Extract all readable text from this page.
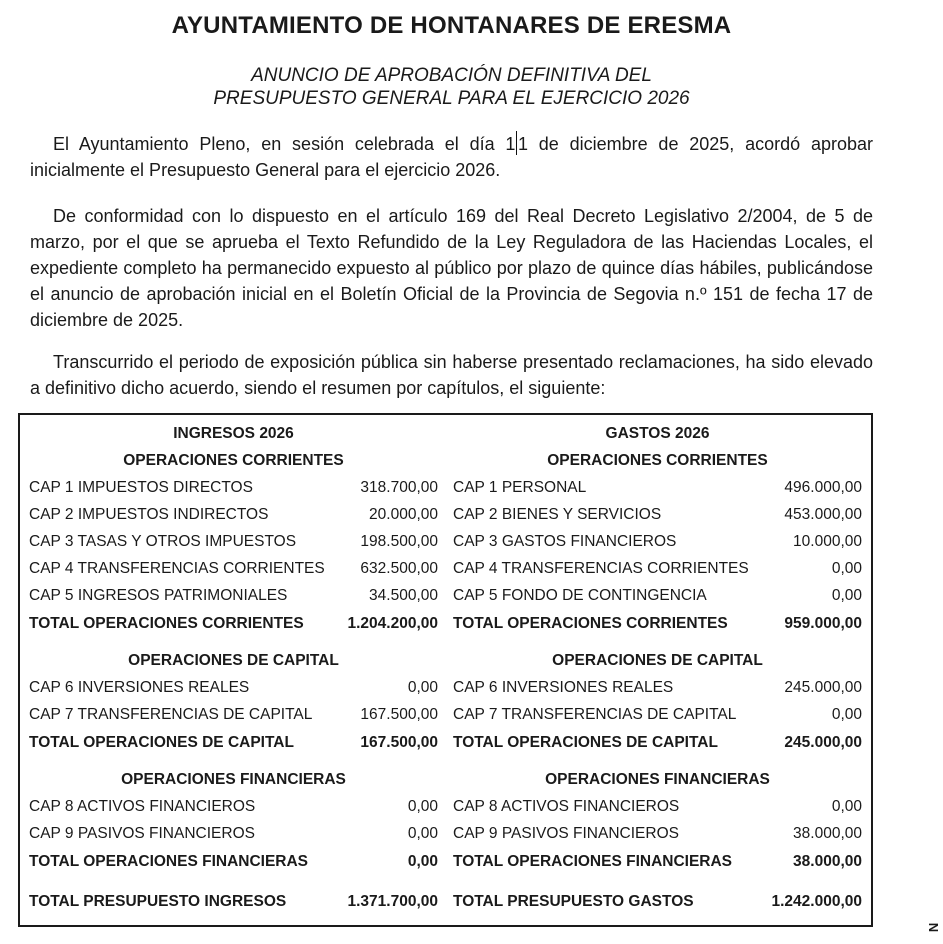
AYUNTAMIENTO DE HONTANARES DE ERESMA
ANUNCIO DE APROBACIÓN DEFINITIVA DEL
PRESUPUESTO GENERAL PARA EL EJERCICIO 2026

El Ayuntamiento Pleno, en sesión celebrada el día 1 1 de diciembre de 2025, acordó aprobar inicialmente el Presupuesto General para el ejercicio 2026.

De conformidad con lo dispuesto en el artículo 169 del Real Decreto Legislativo 2/2004, de 5 de marzo, por el que se aprueba el Texto Refundido de la Ley Reguladora de las Haciendas Locales, el expediente completo ha permanecido expuesto al público por plazo de quince días hábiles, publicándose el anuncio de aprobación inicial en el Boletín Oficial de la Provincia de Segovia n.º 151 de fecha 17 de diciembre de 2025.

Transcurrido el periodo de exposición pública sin haberse presentado reclamaciones, ha sido elevado a definitivo dicho acuerdo, siendo el resumen por capítulos, el siguiente:

INGRESOS 2026
OPERACIONES CORRIENTES
CAP 1 IMPUESTOS DIRECTOS	318.700,00
CAP 2 IMPUESTOS INDIRECTOS	20.000,00
CAP 3 TASAS Y OTROS IMPUESTOS	198.500,00
CAP 4 TRANSFERENCIAS CORRIENTES	632.500,00
CAP 5 INGRESOS PATRIMONIALES	34.500,00
TOTAL OPERACIONES CORRIENTES	1.204.200,00
OPERACIONES DE CAPITAL
CAP 6 INVERSIONES REALES	0,00
CAP 7 TRANSFERENCIAS DE CAPITAL	167.500,00
TOTAL OPERACIONES DE CAPITAL	167.500,00
OPERACIONES FINANCIERAS
CAP 8 ACTIVOS FINANCIEROS	0,00
CAP 9 PASIVOS FINANCIEROS	0,00
TOTAL OPERACIONES FINANCIERAS	0,00
TOTAL PRESUPUESTO INGRESOS	1.371.700,00
GASTOS 2026
OPERACIONES CORRIENTES
CAP 1 PERSONAL	496.000,00
CAP 2 BIENES Y SERVICIOS	453.000,00
CAP 3 GASTOS FINANCIEROS	10.000,00
CAP 4 TRANSFERENCIAS CORRIENTES	0,00
CAP 5 FONDO DE CONTINGENCIA	0,00
TOTAL OPERACIONES CORRIENTES	959.000,00
OPERACIONES DE CAPITAL
CAP 6 INVERSIONES REALES	245.000,00
CAP 7 TRANSFERENCIAS DE CAPITAL	0,00
TOTAL OPERACIONES DE CAPITAL	245.000,00
OPERACIONES FINANCIERAS
CAP 8 ACTIVOS FINANCIEROS	0,00
CAP 9 PASIVOS FINANCIEROS	38.000,00
TOTAL OPERACIONES FINANCIERAS	38.000,00
TOTAL PRESUPUESTO GASTOS	1.242.000,00
N
